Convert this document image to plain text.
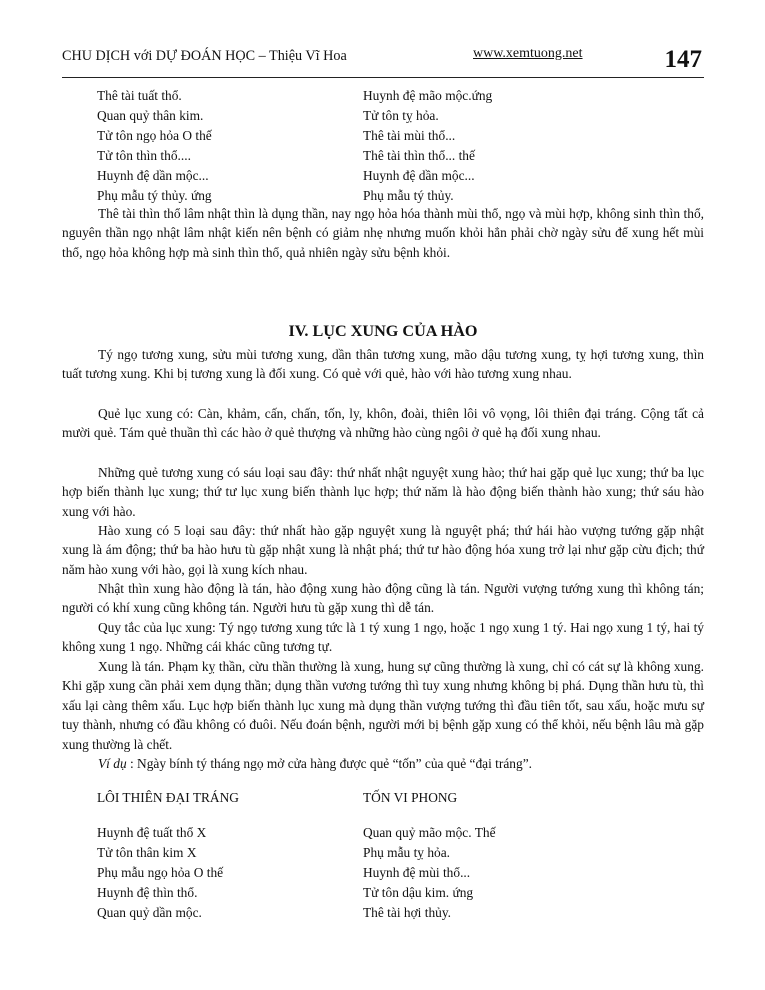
CHU DỊCH với DỰ ĐOÁN HỌC – Thiệu Vĩ Hoa	www.xemtuong.net	147
Thê tài tuất thổ.	Huynh đệ mão mộc.ứng
Quan quỷ thân kim.	Tử tôn tỵ hỏa.
Tử tôn ngọ hỏa O thế	Thê tài mùi thổ...
Tử tôn thìn thổ....	Thê tài thìn thổ... thế
Huynh đệ dần mộc...	Huynh đệ dần mộc...
Phụ mẫu tý thủy. ứng	Phụ mẫu tý thủy.

Thê tài thìn thổ lâm nhật thìn là dụng thần, nay ngọ hỏa hóa thành mùi thổ, ngọ và mùi hợp, không sinh thìn thổ, nguyên thần ngọ nhật lâm nhật kiến nên bệnh có giảm nhẹ nhưng muốn khỏi hẳn phải chờ ngày sửu để xung hết mùi thổ, ngọ hỏa không hợp mà sinh thìn thổ, quả nhiên ngày sửu bệnh khỏi.

IV. LỤC XUNG CỦA HÀO

Tý ngọ tương xung, sửu mùi tương xung, dần thân tương xung, mão dậu tương xung, tỵ hợi tương xung, thìn tuất tương xung. Khi bị tương xung là đối xung. Có quẻ với quẻ, hào với hào tương xung nhau.

Quẻ lục xung có: Càn, khảm, cấn, chấn, tốn, ly, khôn, đoài, thiên lôi vô vọng, lôi thiên đại tráng. Cộng tất cả mười quẻ. Tám quẻ thuần thì các hào ở quẻ thượng và những hào cùng ngôi ở quẻ hạ đối xung nhau.

Những quẻ tương xung có sáu loại sau đây: thứ nhất nhật nguyệt xung hào; thứ hai gặp quẻ lục xung; thứ ba lục hợp biến thành lục xung; thứ tư lục xung biến thành lục hợp; thứ năm là hào động biến thành hào xung; thứ sáu hào xung với hào.

Hào xung có 5 loại sau đây: thứ nhất hào gặp nguyệt xung là nguyệt phá; thứ hái hào vượng tướng gặp nhật xung là ám động; thứ ba hào hưu tù gặp nhật xung là nhật phá; thứ tư hào động hóa xung trở lại như gặp cừu địch; thứ năm hào xung với hào, gọi là xung kích nhau.

Nhật thìn xung hào động là tán, hào động xung hào động cũng là tán. Người vượng tướng xung thì không tán; người có khí xung cũng không tán. Người hưu tù gặp xung thì dễ tán.

Quy tắc của lục xung: Tý ngọ tương xung tức là 1 tý xung 1 ngọ, hoặc 1 ngọ xung 1 tý. Hai ngọ xung 1 tý, hai tý không xung 1 ngọ. Những cái khác cũng tương tự.

Xung là tán. Phạm kỵ thần, cừu thần thường là xung, hung sự cũng thường là xung, chỉ có cát sự là không xung. Khi gặp xung cần phải xem dụng thần; dụng thần vương tướng thì tuy xung nhưng không bị phá. Dụng thần hưu tù, thì xấu lại càng thêm xấu. Lục hợp biến thành lục xung mà dụng thần vượng tướng thì đầu tiên tốt, sau xấu, hoặc mưu sự tuy thành, nhưng có đầu không có đuôi. Nếu đoán bệnh, người mới bị bệnh gặp xung có thể khỏi, nếu bệnh lâu mà gặp xung thường là chết.

Ví dụ : Ngày bính tý tháng ngọ mở cửa hàng được quẻ “tốn” của quẻ “đại tráng”.

LÔI THIÊN ĐẠI TRÁNG	TỐN VI PHONG
Huynh đệ tuất thổ X	Quan quỷ mão mộc. Thế
Tử tôn thân kim X	Phụ mẫu tỵ hỏa.
Phụ mẫu ngọ hỏa O thế	Huynh đệ mùi thổ...
Huynh đệ thìn thổ.	Tử tôn dậu kim. ứng
Quan quỷ dần mộc.	Thê tài hợi thủy.
